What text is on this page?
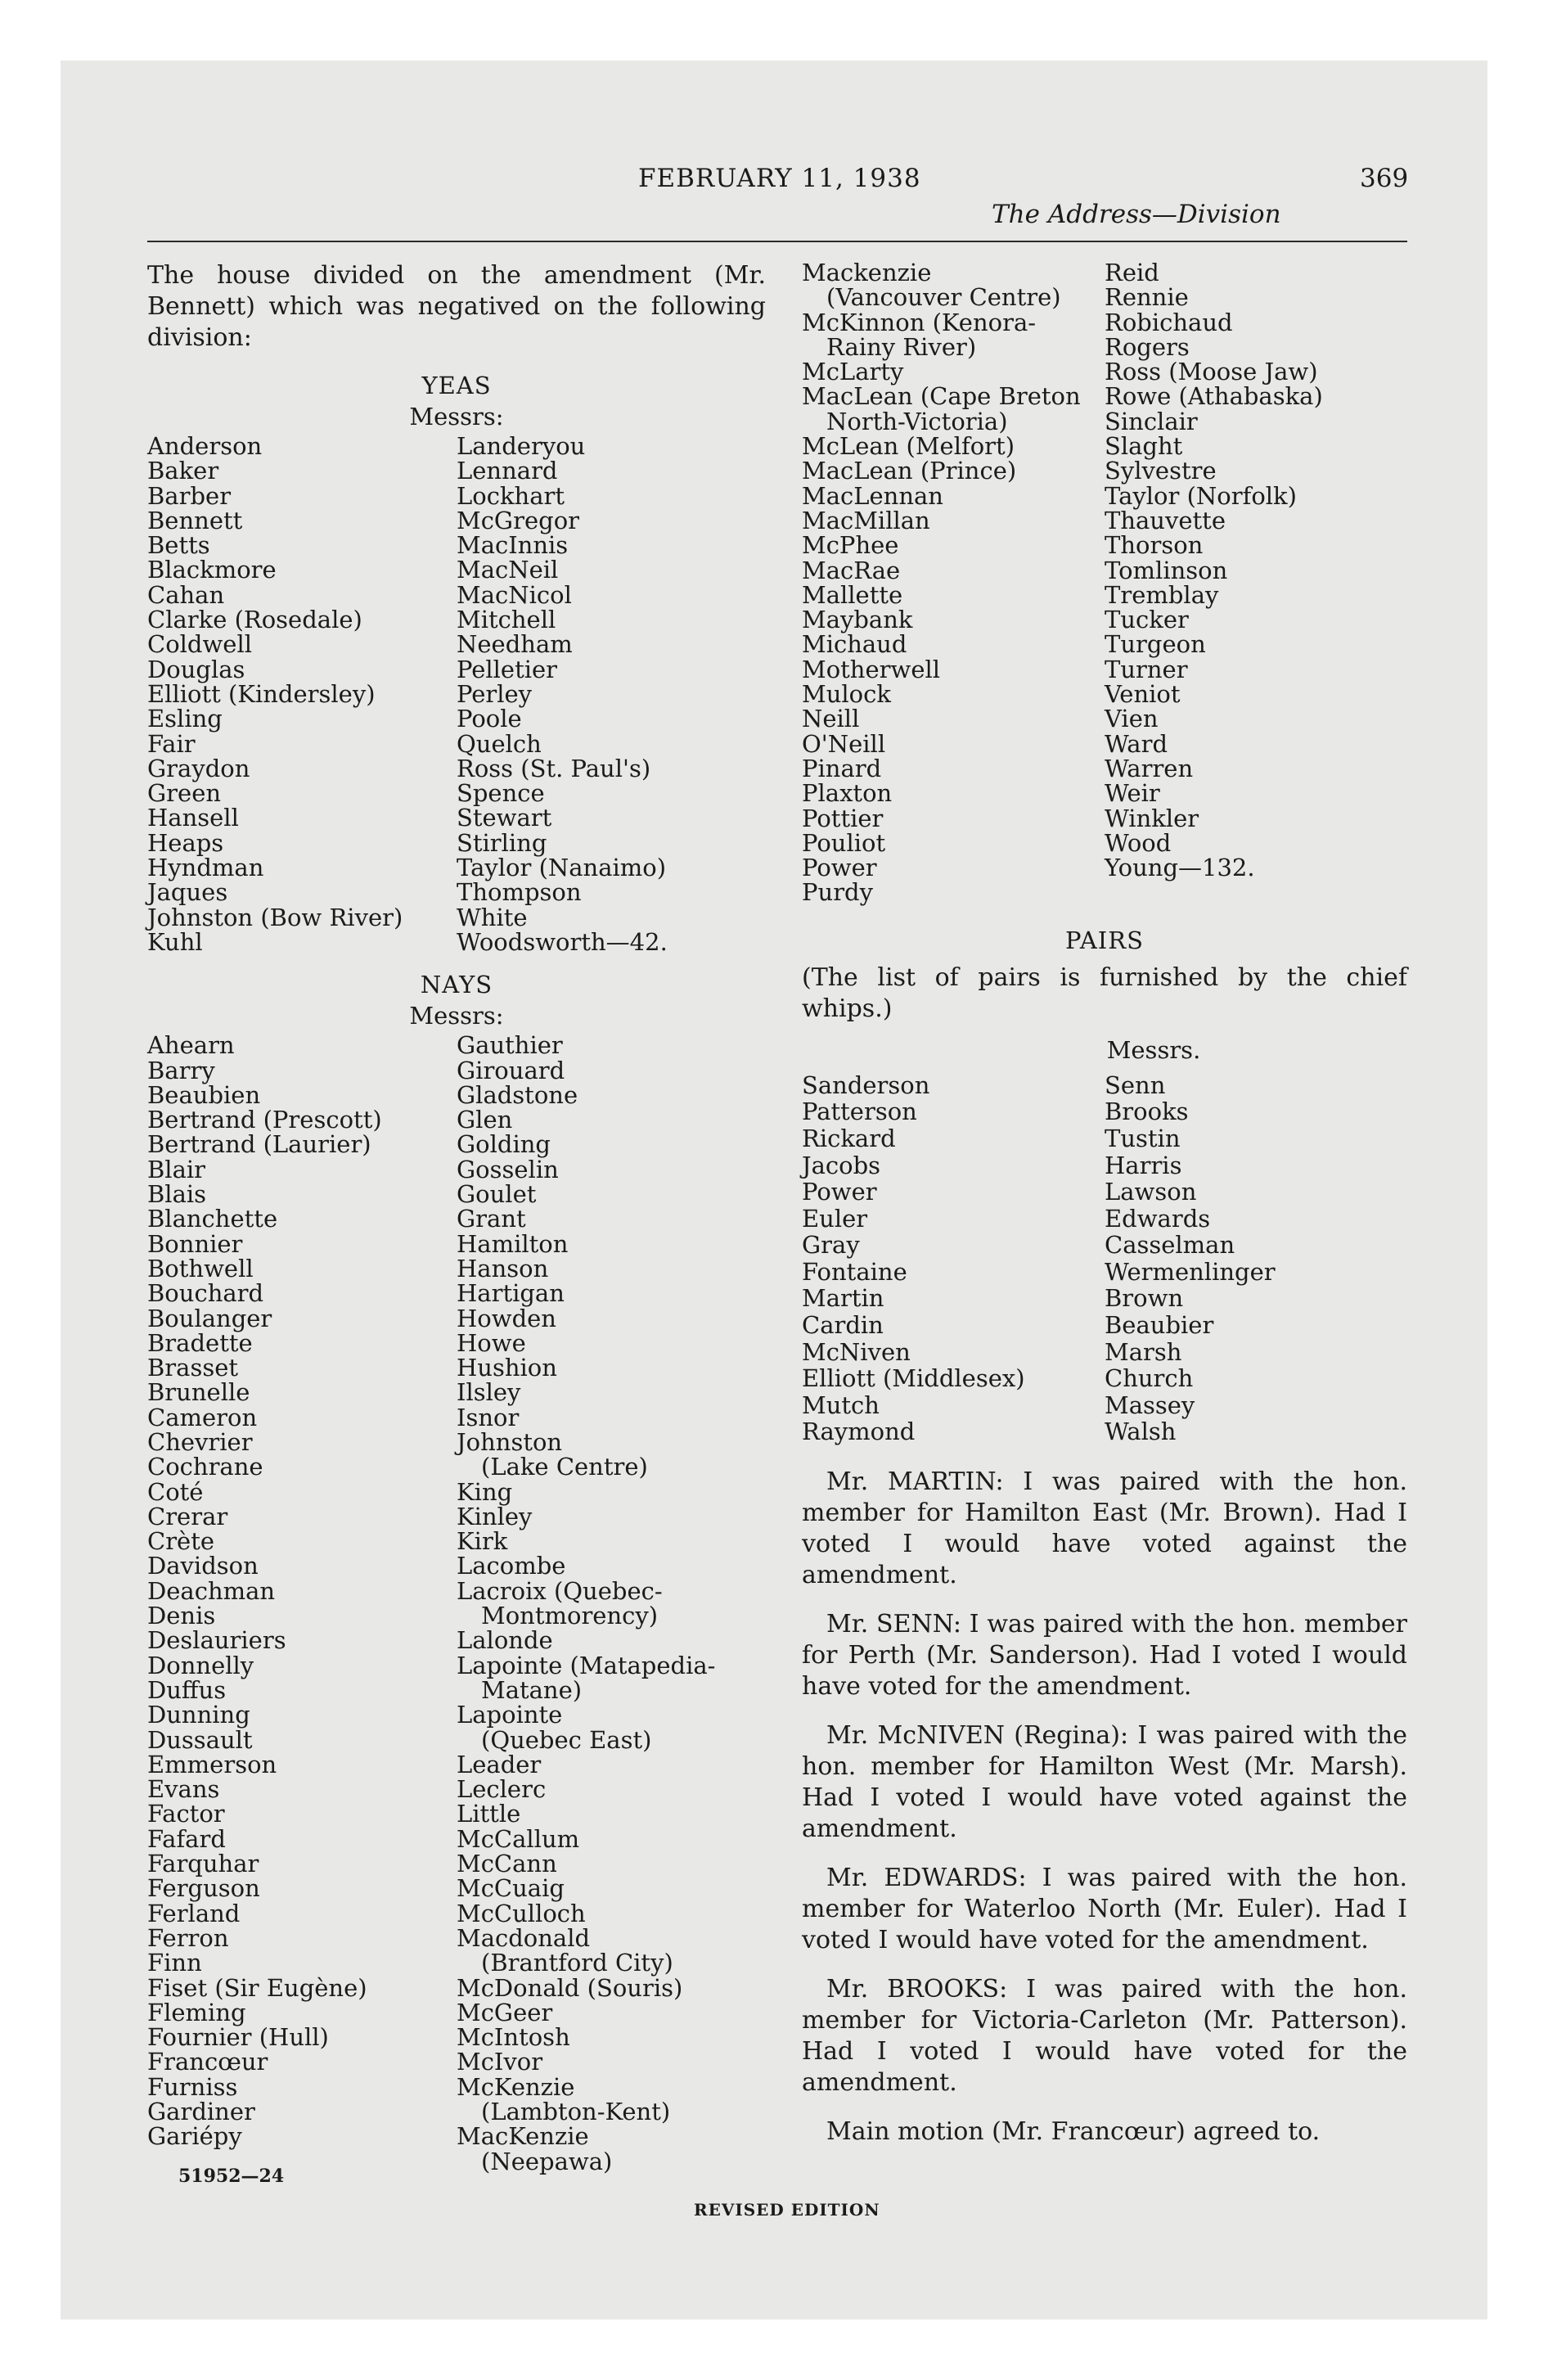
FEBRUARY 11, 1938	369
The Address—Division

The house divided on the amendment (Mr. Bennett) which was negatived on the following division:

YEAS

Messrs:

Anderson
Baker
Barber
Bennett
Betts
Blackmore
Cahan
Clarke (Rosedale)
Coldwell
Douglas
Elliott (Kindersley)
Esling
Fair
Graydon
Green
Hansell
Heaps
Hyndman
Jaques
Johnston (Bow River)
Kuhl
Landeryou
Lennard
Lockhart
McGregor
MacInnis
MacNeil
MacNicol
Mitchell
Needham
Pelletier
Perley
Poole
Quelch
Ross (St. Paul's)
Spence
Stewart
Stirling
Taylor (Nanaimo)
Thompson
White
Woodsworth—42.

NAYS

Messrs:

Ahearn
Barry
Beaubien
Bertrand (Prescott)
Bertrand (Laurier)
Blair
Blais
Blanchette
Bonnier
Bothwell
Bouchard
Boulanger
Bradette
Brasset
Brunelle
Cameron
Chevrier
Cochrane
Coté
Crerar
Crète
Davidson
Deachman
Denis
Deslauriers
Donnelly
Duffus
Dunning
Dussault
Emmerson
Evans
Factor
Fafard
Farquhar
Ferguson
Ferland
Ferron
Finn
Fiset (Sir Eugène)
Fleming
Fournier (Hull)
Francœur
Furniss
Gardiner
Gariépy
Gauthier
Girouard
Gladstone
Glen
Golding
Gosselin
Goulet
Grant
Hamilton
Hanson
Hartigan
Howden
Howe
Hushion
Ilsley
Isnor
Johnston
(Lake Centre)
King
Kinley
Kirk
Lacombe
Lacroix (Quebec-
Montmorency)
Lalonde
Lapointe (Matapedia-
Matane)
Lapointe
(Quebec East)
Leader
Leclerc
Little
McCallum
McCann
McCuaig
McCulloch
Macdonald
(Brantford City)
McDonald (Souris)
McGeer
McIntosh
McIvor
McKenzie
(Lambton-Kent)
MacKenzie
(Neepawa)
Mackenzie
(Vancouver Centre)
McKinnon (Kenora-
Rainy River)
McLarty
MacLean (Cape Breton
North-Victoria)
McLean (Melfort)
MacLean (Prince)
MacLennan
MacMillan
McPhee
MacRae
Mallette
Maybank
Michaud
Motherwell
Mulock
Neill
O'Neill
Pinard
Plaxton
Pottier
Pouliot
Power
Purdy
Reid
Rennie
Robichaud
Rogers
Ross (Moose Jaw)
Rowe (Athabaska)
Sinclair
Slaght
Sylvestre
Taylor (Norfolk)
Thauvette
Thorson
Tomlinson
Tremblay
Tucker
Turgeon
Turner
Veniot
Vien
Ward
Warren
Weir
Winkler
Wood
Young—132.

PAIRS

(The list of pairs is furnished by the chief whips.)

Messrs.

Sanderson
Patterson
Rickard
Jacobs
Power
Euler
Gray
Fontaine
Martin
Cardin
McNiven
Elliott (Middlesex)
Mutch
Raymond
Senn
Brooks
Tustin
Harris
Lawson
Edwards
Casselman
Wermenlinger
Brown
Beaubier
Marsh
Church
Massey
Walsh

Mr. MARTIN: I was paired with the hon. member for Hamilton East (Mr. Brown). Had I voted I would have voted against the amendment.

Mr. SENN: I was paired with the hon. member for Perth (Mr. Sanderson). Had I voted I would have voted for the amendment.

Mr. McNIVEN (Regina): I was paired with the hon. member for Hamilton West (Mr. Marsh). Had I voted I would have voted against the amendment.

Mr. EDWARDS: I was paired with the hon. member for Waterloo North (Mr. Euler). Had I voted I would have voted for the amendment.

Mr. BROOKS: I was paired with the hon. member for Victoria-Carleton (Mr. Patterson). Had I voted I would have voted for the amendment.

Main motion (Mr. Francœur) agreed to.

51952—24
REVISED EDITION
